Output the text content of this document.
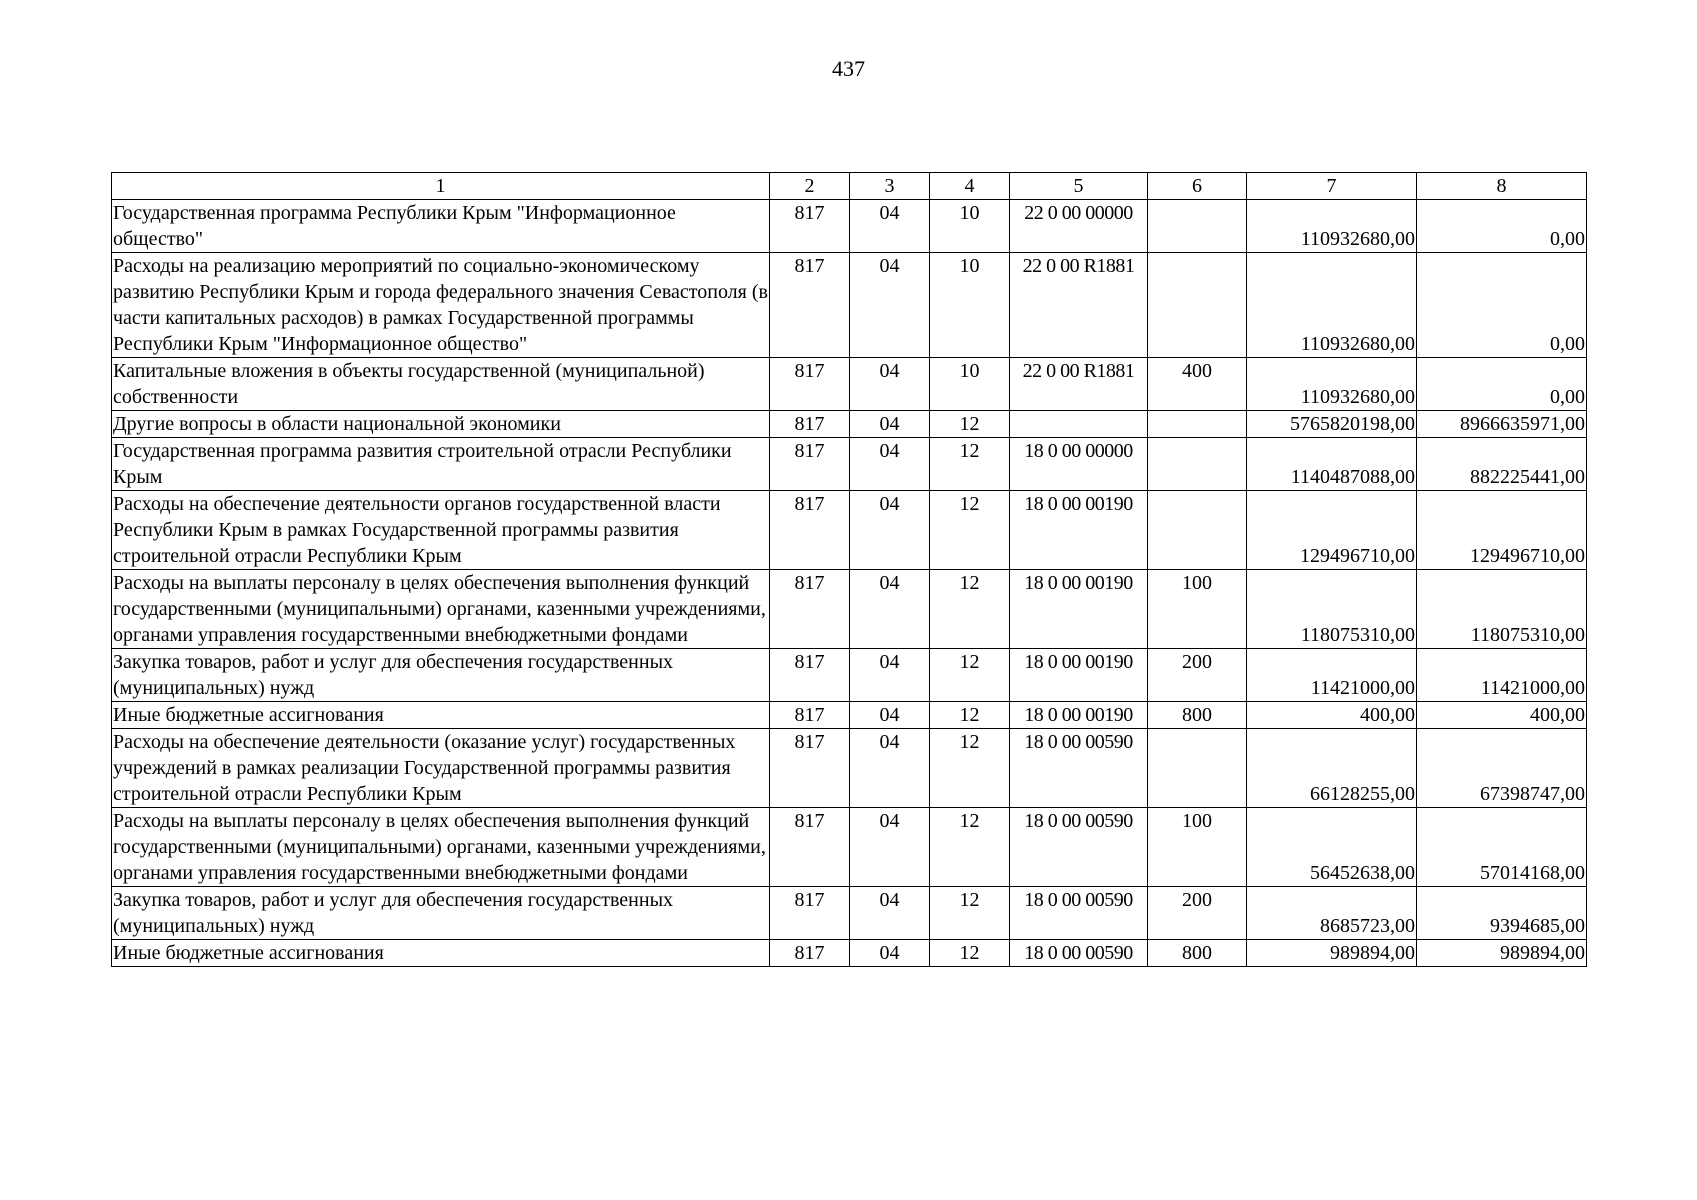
437
1	2	3	4	5	6	7	8
Государственная программа Республики Крым "Информационное общество"	817	04	10	22 0 00 00000		110932680,00	0,00
Расходы на реализацию мероприятий по социально-экономическому развитию Республики Крым и города федерального значения Севастополя (в части капитальных расходов) в рамках Государственной программы Республики Крым "Информационное общество"	817	04	10	22 0 00 R1881		110932680,00	0,00
Капитальные вложения в объекты государственной (муниципальной) собственности	817	04	10	22 0 00 R1881	400	110932680,00	0,00
Другие вопросы в области национальной экономики	817	04	12			5765820198,00	8966635971,00
Государственная программа развития строительной отрасли Республики Крым	817	04	12	18 0 00 00000		1140487088,00	882225441,00
Расходы на обеспечение деятельности органов государственной власти Республики Крым в рамках Государственной программы развития строительной отрасли Республики Крым	817	04	12	18 0 00 00190		129496710,00	129496710,00
Расходы на выплаты персоналу в целях обеспечения выполнения функций государственными (муниципальными) органами, казенными учреждениями, органами управления государственными внебюджетными фондами	817	04	12	18 0 00 00190	100	118075310,00	118075310,00
Закупка товаров, работ и услуг для обеспечения государственных (муниципальных) нужд	817	04	12	18 0 00 00190	200	11421000,00	11421000,00
Иные бюджетные ассигнования	817	04	12	18 0 00 00190	800	400,00	400,00
Расходы на обеспечение деятельности (оказание услуг) государственных учреждений в рамках реализации Государственной программы развития строительной отрасли Республики Крым	817	04	12	18 0 00 00590		66128255,00	67398747,00
Расходы на выплаты персоналу в целях обеспечения выполнения функций государственными (муниципальными) органами, казенными учреждениями, органами управления государственными внебюджетными фондами	817	04	12	18 0 00 00590	100	56452638,00	57014168,00
Закупка товаров, работ и услуг для обеспечения государственных (муниципальных) нужд	817	04	12	18 0 00 00590	200	8685723,00	9394685,00
Иные бюджетные ассигнования	817	04	12	18 0 00 00590	800	989894,00	989894,00
